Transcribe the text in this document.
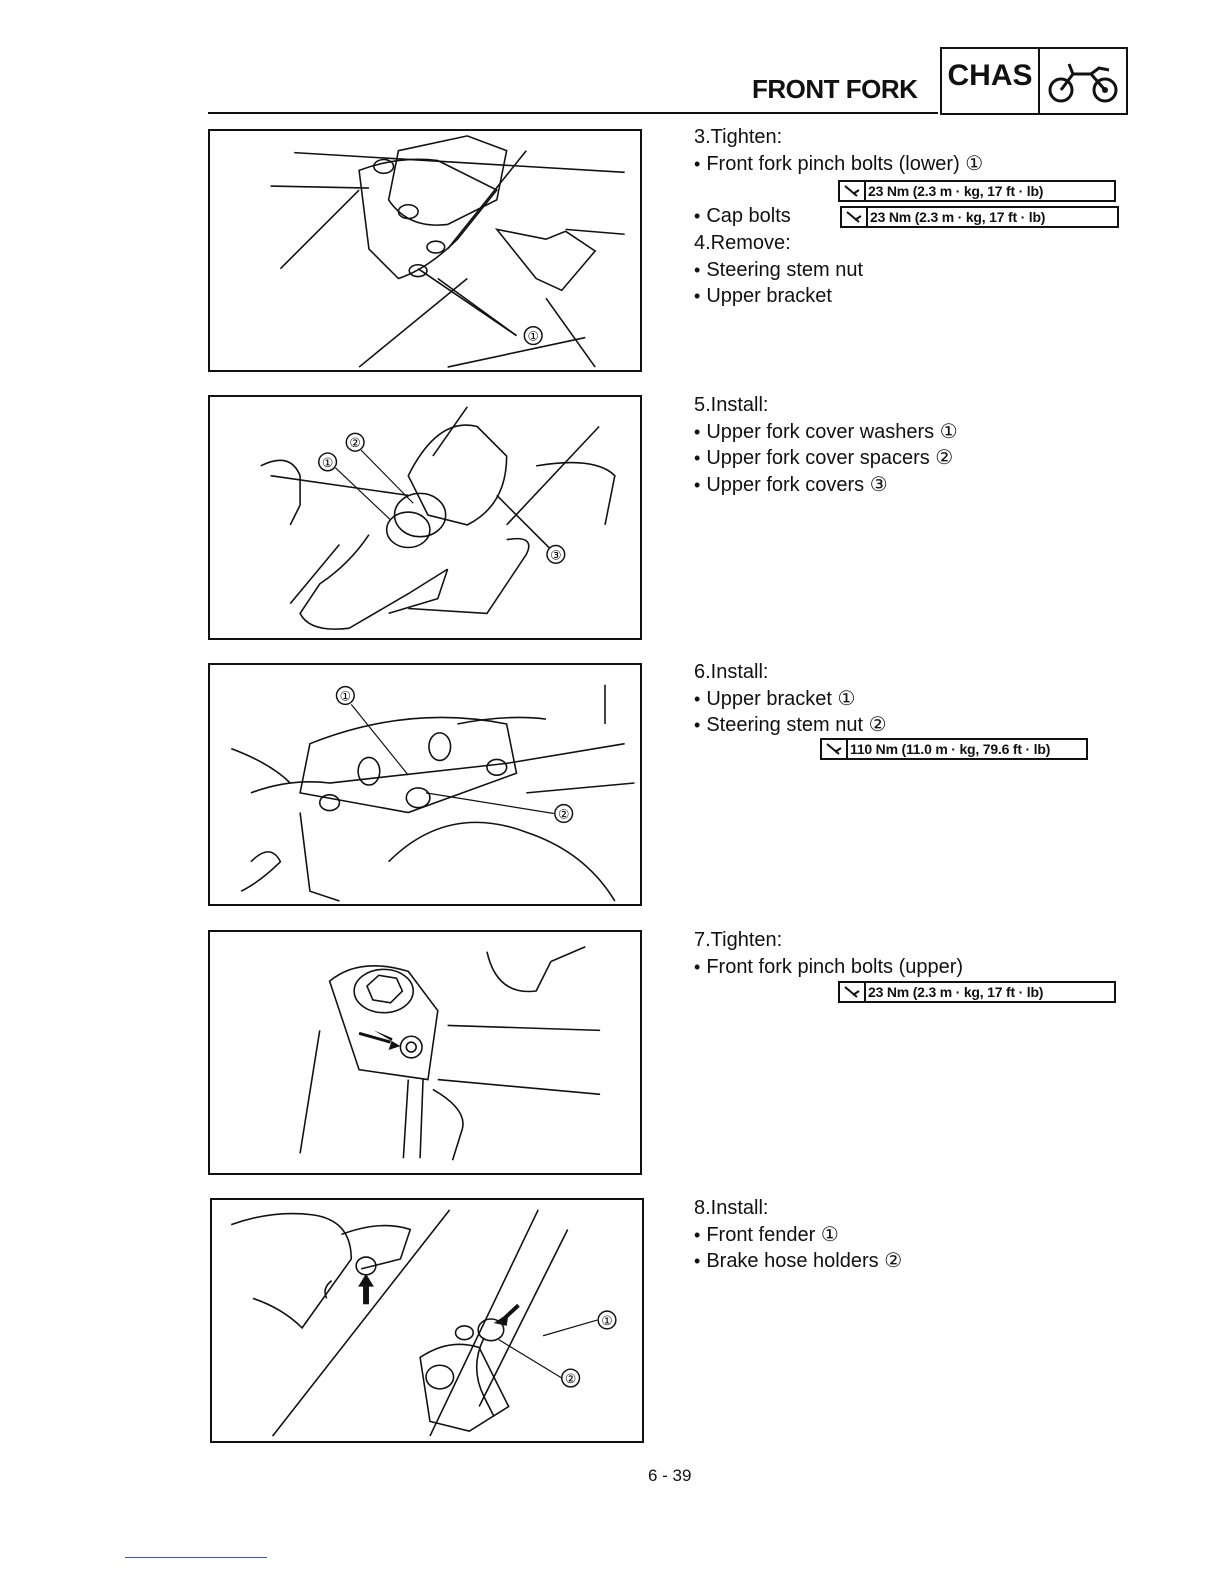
FRONT FORK CHAS
①
①
②
③
①
②
①
②
3.Tighten:
• Front fork pinch bolts (lower) ①
23 Nm (2.3 m · kg, 17 ft · lb)
• Cap bolts	23 Nm (2.3 m · kg, 17 ft · lb)
4.Remove:
• Steering stem nut
• Upper bracket
5.Install:
• Upper fork cover washers ①
• Upper fork cover spacers ②
• Upper fork covers ③
6.Install:
• Upper bracket ①
• Steering stem nut ②
110 Nm (11.0 m · kg, 79.6 ft · lb)
7.Tighten:
• Front fork pinch bolts (upper)
23 Nm (2.3 m · kg, 17 ft · lb)
8.Install:
• Front fender ①
• Brake hose holders ②
6 - 39
